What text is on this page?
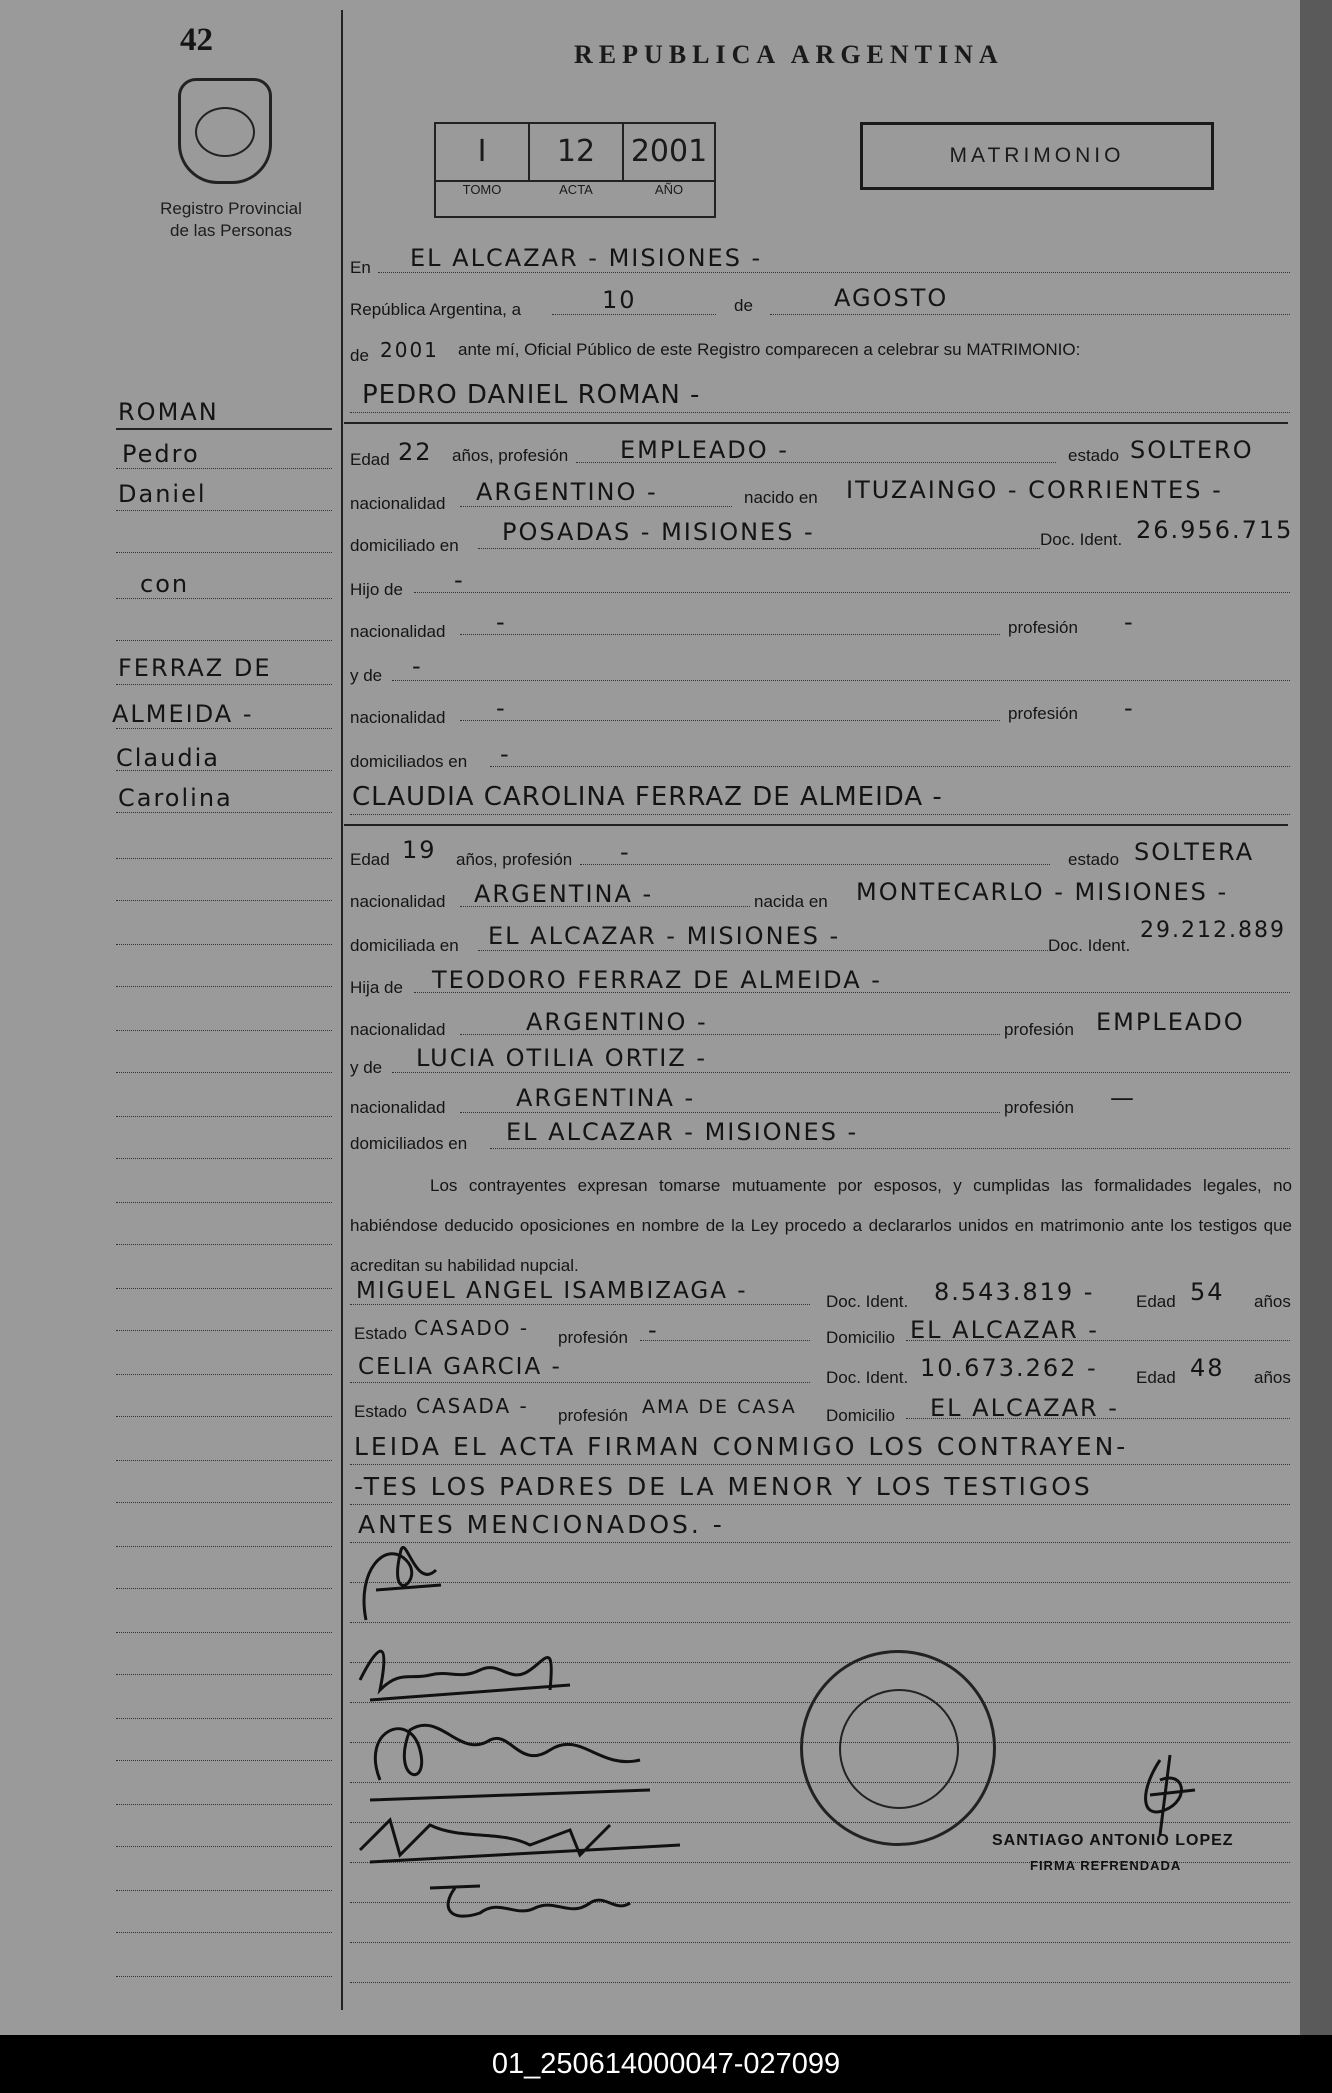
42
Registro Provincial
de las Personas
ROMAN
Pedro
Daniel
con
FERRAZ DE
ALMEIDA -
Claudia
Carolina
REPUBLICA ARGENTINA
I	12	2001
TOMO	ACTA	AÑO
MATRIMONIO
En EL ALCAZAR - MISIONES -
República Argentina, a	10	de	AGOSTO
de 2001 ante mí, Oficial Público de este Registro comparecen a celebrar su MATRIMONIO:
PEDRO DANIEL ROMAN -
Edad 22 años, profesión EMPLEADO -	estado SOLTERO
nacionalidad ARGENTINO -	nacido en ITUZAINGO - CORRIENTES -
domiciliado en POSADAS - MISIONES -	Doc. Ident. 26.956.715
Hijo de -
nacionalidad -	profesión -
y de -
nacionalidad -	profesión -
domiciliados en -
CLAUDIA CAROLINA FERRAZ DE ALMEIDA -
Edad 19 años, profesión -	estado SOLTERA
nacionalidad ARGENTINA -	nacida en MONTECARLO - MISIONES -
domiciliada en EL ALCAZAR - MISIONES -	Doc. Ident.
29.212.889
Hija de TEODORO FERRAZ DE ALMEIDA -
nacionalidad	ARGENTINO -	profesión EMPLEADO
y de LUCIA OTILIA ORTIZ -
nacionalidad	ARGENTINA -	profesión —
domiciliados en EL ALCAZAR - MISIONES -
Los contrayentes expresan tomarse mutuamente por esposos, y cumplidas las formalidades legales, no habiéndose deducido oposiciones en nombre de la Ley procedo a declararlos unidos en matrimonio ante los testigos que acreditan su habilidad nupcial.
MIGUEL ANGEL ISAMBIZAGA -	Doc. Ident. 8.543.819 - Edad 54 años
Estado CASADO - profesión -	Domicilio EL ALCAZAR -
CELIA GARCIA -	Doc. Ident. 10.673.262 - Edad 48 años
Estado CASADA - profesión AMA DE CASA Domicilio EL ALCAZAR -
LEIDA EL ACTA FIRMAN CONMIGO LOS CONTRAYEN-
-TES LOS PADRES DE LA MENOR Y LOS TESTIGOS
ANTES MENCIONADOS. -
SANTIAGO ANTONIO LOPEZ
FIRMA REFRENDADA
01_250614000047-027099
